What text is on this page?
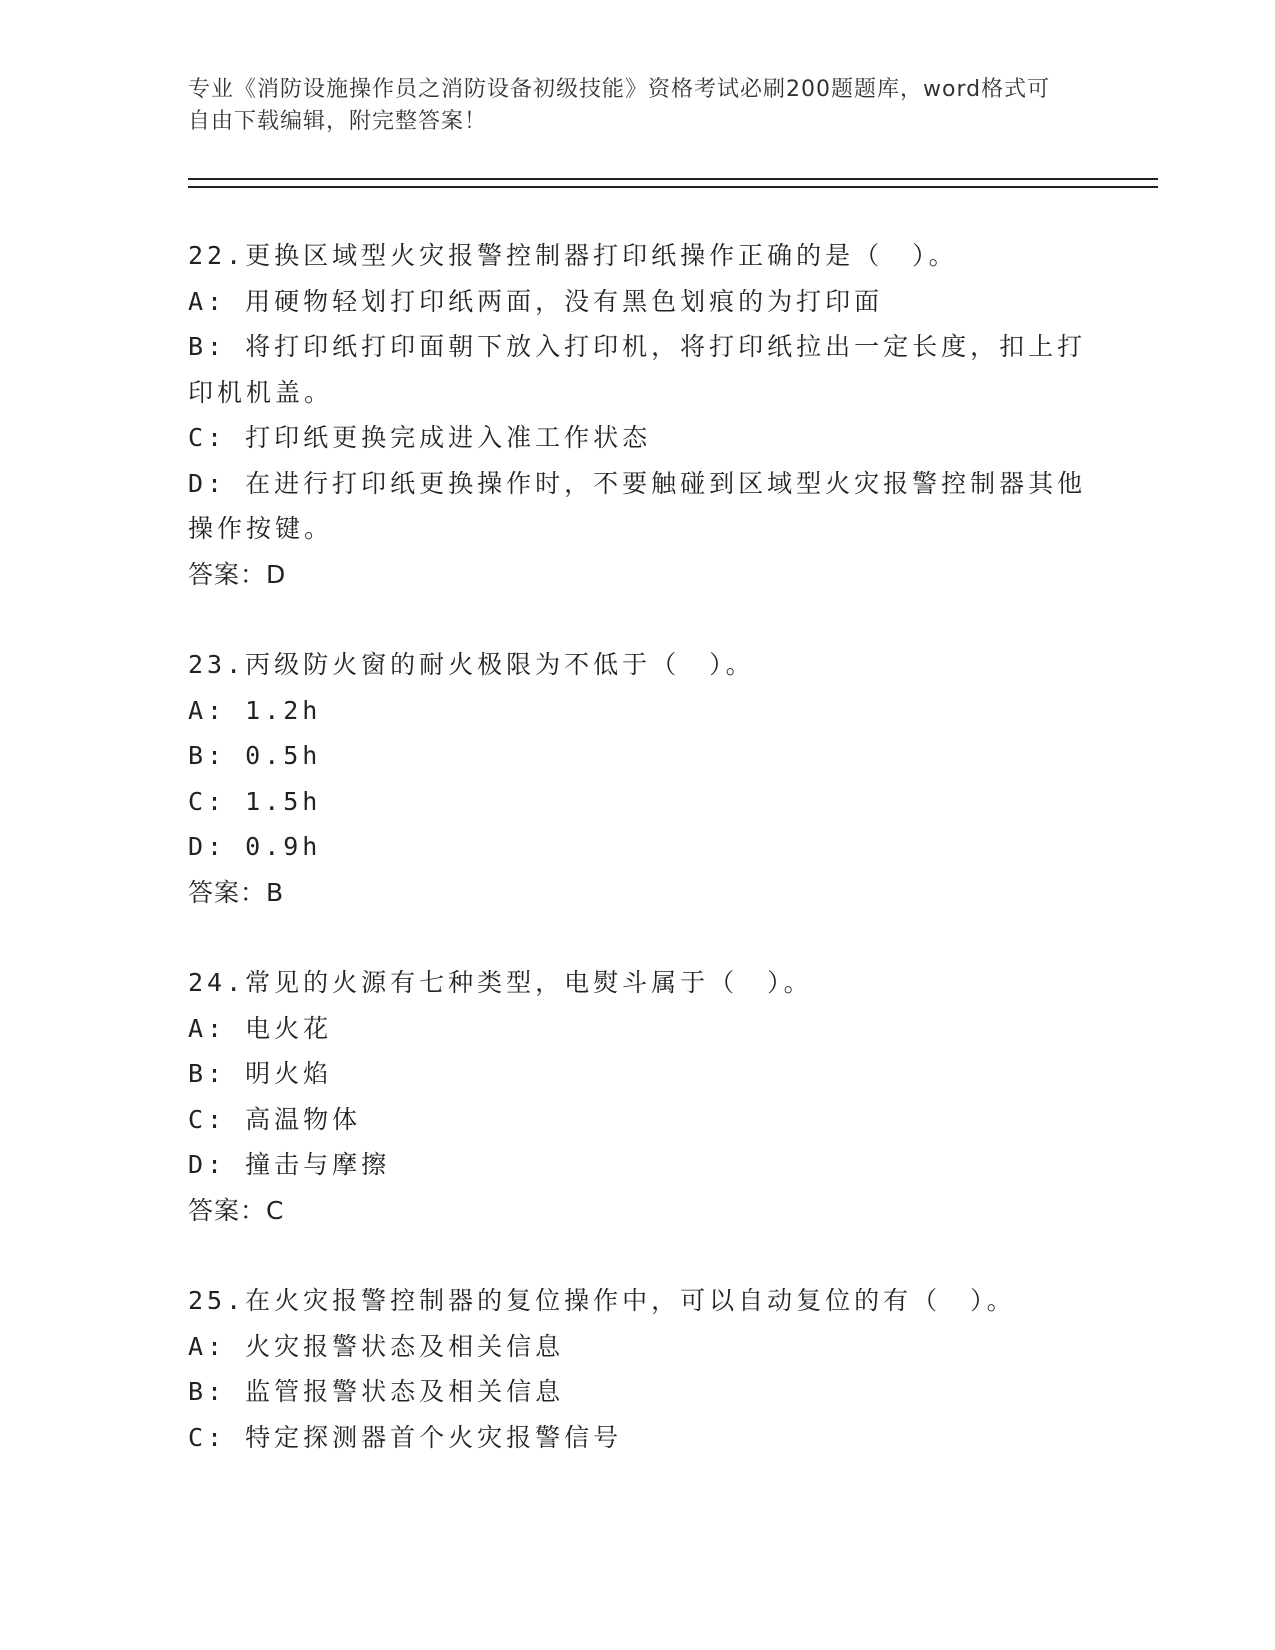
专业《消防设施操作员之消防设备初级技能》资格考试必刷200题题库，word格式可自由下载编辑，附完整答案！
22.更换区域型火灾报警控制器打印纸操作正确的是（　）。
A: 用硬物轻划打印纸两面，没有黑色划痕的为打印面
B: 将打印纸打印面朝下放入打印机，将打印纸拉出一定长度，扣上打印机机盖。
C: 打印纸更换完成进入准工作状态
D: 在进行打印纸更换操作时，不要触碰到区域型火灾报警控制器其他操作按键。
答案：D
23.丙级防火窗的耐火极限为不低于（　）。
A: 1.2h
B: 0.5h
C: 1.5h
D: 0.9h
答案：B
24.常见的火源有七种类型，电熨斗属于（　）。
A: 电火花
B: 明火焰
C: 高温物体
D: 撞击与摩擦
答案：C
25.在火灾报警控制器的复位操作中，可以自动复位的有（　）。
A: 火灾报警状态及相关信息
B: 监管报警状态及相关信息
C: 特定探测器首个火灾报警信号
